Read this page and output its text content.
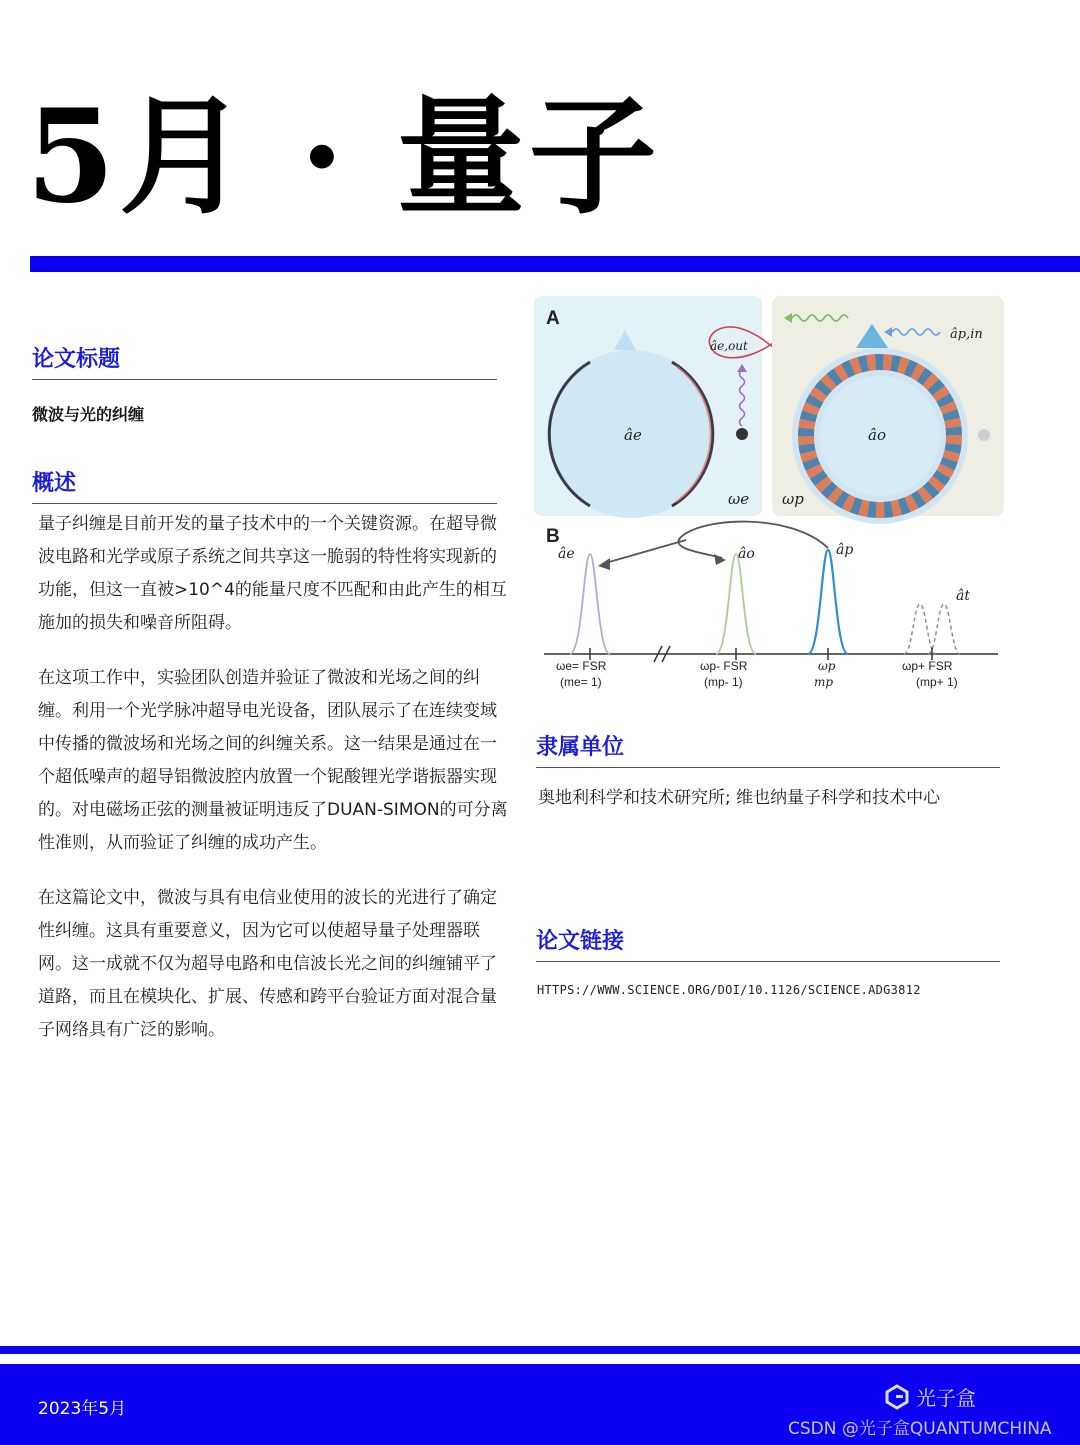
5月 · 量子
论文标题
微波与光的纠缠
概述

量子纠缠是目前开发的量子技术中的一个关键资源。在超导微波电路和光学或原子系统之间共享这一脆弱的特性将实现新的功能，但这一直被>10^4的能量尺度不匹配和由此产生的相互施加的损失和噪音所阻碍。

在这项工作中，实验团队创造并验证了微波和光场之间的纠缠。利用一个光学脉冲超导电光设备，团队展示了在连续变域中传播的微波场和光场之间的纠缠关系。这一结果是通过在一个超低噪声的超导铝微波腔内放置一个铌酸锂光学谐振器实现的。对电磁场正弦的测量被证明违反了DUAN-SIMON的可分离性准则，从而验证了纠缠的成功产生。

在这篇论文中，微波与具有电信业使用的波长的光进行了确定性纠缠。这具有重要意义，因为它可以使超导量子处理器联网。这一成就不仅为超导电路和电信波长光之间的纠缠铺平了道路，而且在模块化、扩展、传感和跨平台验证方面对混合量子网络具有广泛的影响。

A
âe
ωe
âe,out
âp,in
âo
ωp
B
âe	âo	âp
ât
ωe= FSR
(me= 1)
ωp- FSR
(mp- 1)
ωp
mp
ωp+ FSR
(mp+ 1)
隶属单位
奥地利科学和技术研究所; 维也纳量子科学和技术中心
论文链接
HTTPS://WWW.SCIENCE.ORG/DOI/10.1126/SCIENCE.ADG3812
2023年5月	光子盒
CSDN @光子盒QUANTUMCHINA
